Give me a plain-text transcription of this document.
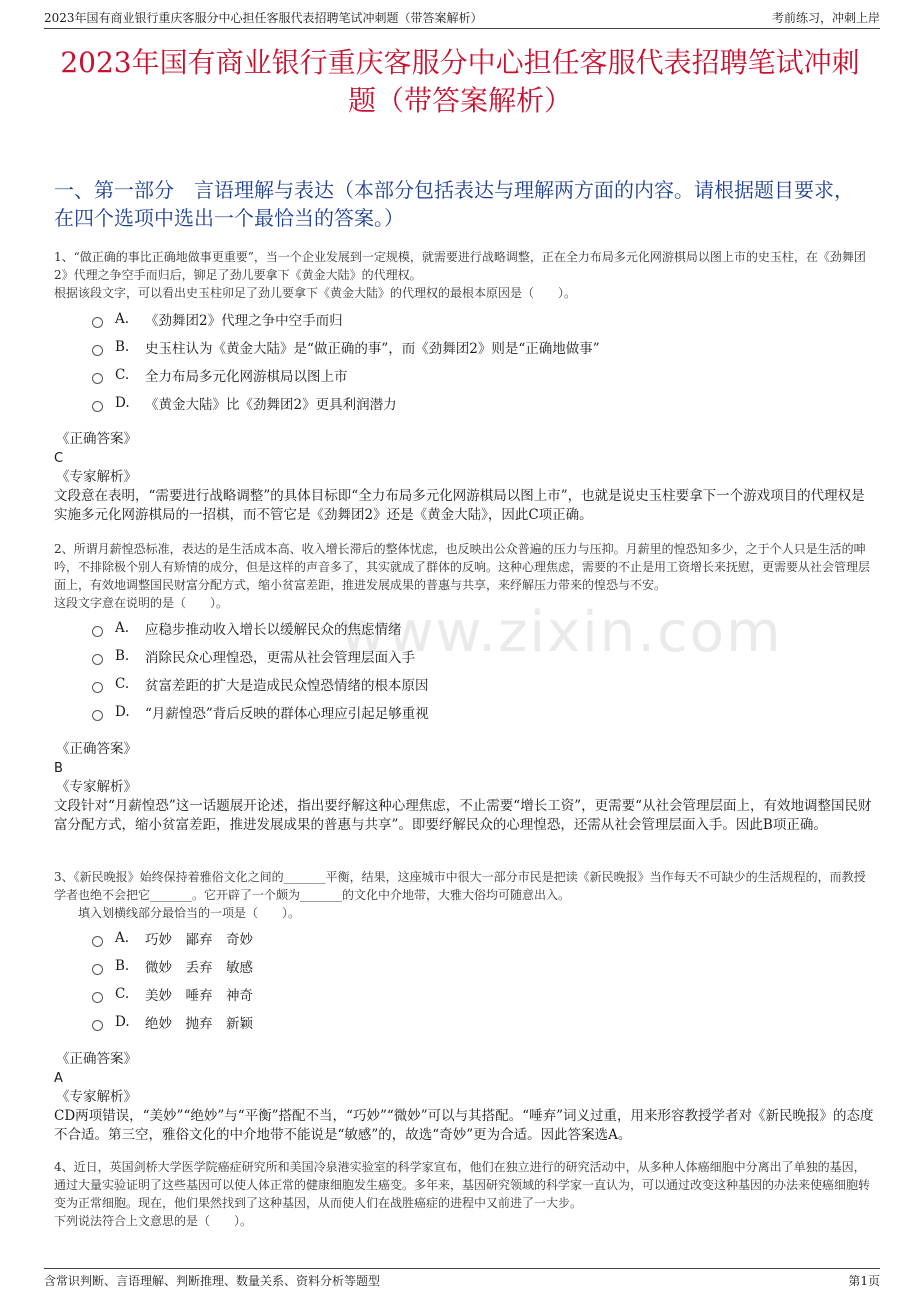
2023年国有商业银行重庆客服分中心担任客服代表招聘笔试冲刺题（带答案解析）	考前练习，冲刺上岸
2023年国有商业银行重庆客服分中心担任客服代表招聘笔试冲刺题（带答案解析）
一、第一部分　言语理解与表达（本部分包括表达与理解两方面的内容。请根据题目要求，在四个选项中选出一个最恰当的答案。）
www.zixin.com

1、“做正确的事比正确地做事更重要”，当一个企业发展到一定规模，就需要进行战略调整，正在全力布局多元化网游棋局以图上市的史玉柱，在《劲舞团2》代理之争空手而归后，铆足了劲儿要拿下《黄金大陆》的代理权。
根据该段文字，可以看出史玉柱卯足了劲儿要拿下《黄金大陆》的代理权的最根本原因是（　　）。

A.	《劲舞团2》代理之争中空手而归
B.	史玉柱认为《黄金大陆》是“做正确的事”，而《劲舞团2》则是“正确地做事”
C.	全力布局多元化网游棋局以图上市
D.	《黄金大陆》比《劲舞团2》更具利润潜力
《正确答案》
C
《专家解析》
文段意在表明，“需要进行战略调整”的具体目标即“全力布局多元化网游棋局以图上市”，也就是说史玉柱要拿下一个游戏项目的代理权是实施多元化网游棋局的一招棋，而不管它是《劲舞团2》还是《黄金大陆》，因此C项正确。

2、所谓月薪惶恐标准，表达的是生活成本高、收入增长滞后的整体忧虑，也反映出公众普遍的压力与压抑。月薪里的惶恐知多少，之于个人只是生活的呻吟，不排除极个别人有矫情的成分，但是这样的声音多了，其实就成了群体的反响。这种心理焦虑，需要的不止是用工资增长来抚慰，更需要从社会管理层面上，有效地调整国民财富分配方式，缩小贫富差距，推进发展成果的普惠与共享，来纾解压力带来的惶恐与不安。
这段文字意在说明的是（　　）。

A.	应稳步推动收入增长以缓解民众的焦虑情绪
B.	消除民众心理惶恐，更需从社会管理层面入手
C.	贫富差距的扩大是造成民众惶恐情绪的根本原因
D.	“月薪惶恐”背后反映的群体心理应引起足够重视
《正确答案》
B
《专家解析》
文段针对“月薪惶恐”这一话题展开论述，指出要纾解这种心理焦虑，不止需要“增长工资”，更需要“从社会管理层面上，有效地调整国民财富分配方式，缩小贫富差距，推进发展成果的普惠与共享”。即要纾解民众的心理惶恐，还需从社会管理层面入手。因此B项正确。

3、《新民晚报》始终保持着雅俗文化之间的_______平衡，结果，这座城市中很大一部分市民是把读《新民晚报》当作每天不可缺少的生活规程的，而教授学者也绝不会把它_______。它开辟了一个颇为_______的文化中介地带，大雅大俗均可随意出入。
　　填入划横线部分最恰当的一项是（　　）。

A.	巧妙　鄙弃　奇妙
B.	微妙　丢弃　敏感
C.	美妙　唾弃　神奇
D.	绝妙　抛弃　新颖
《正确答案》
A
《专家解析》
CD两项错误，“美妙”“绝妙”与“平衡”搭配不当，“巧妙”“微妙”可以与其搭配。“唾弃”词义过重，用来形容教授学者对《新民晚报》的态度不合适。第三空，雅俗文化的中介地带不能说是“敏感”的，故选“奇妙”更为合适。因此答案选A。

4、近日，英国剑桥大学医学院癌症研究所和美国冷泉港实验室的科学家宣布，他们在独立进行的研究活动中，从多种人体癌细胞中分离出了单独的基因，通过大量实验证明了这些基因可以使人体正常的健康细胞发生癌变。多年来，基因研究领域的科学家一直认为，可以通过改变这种基因的办法来使癌细胞转变为正常细胞。现在，他们果然找到了这种基因，从而使人们在战胜癌症的进程中又前进了一大步。
下列说法符合上文意思的是（　　）。

含常识判断、言语理解、判断推理、数量关系、资料分析等题型	第1页
